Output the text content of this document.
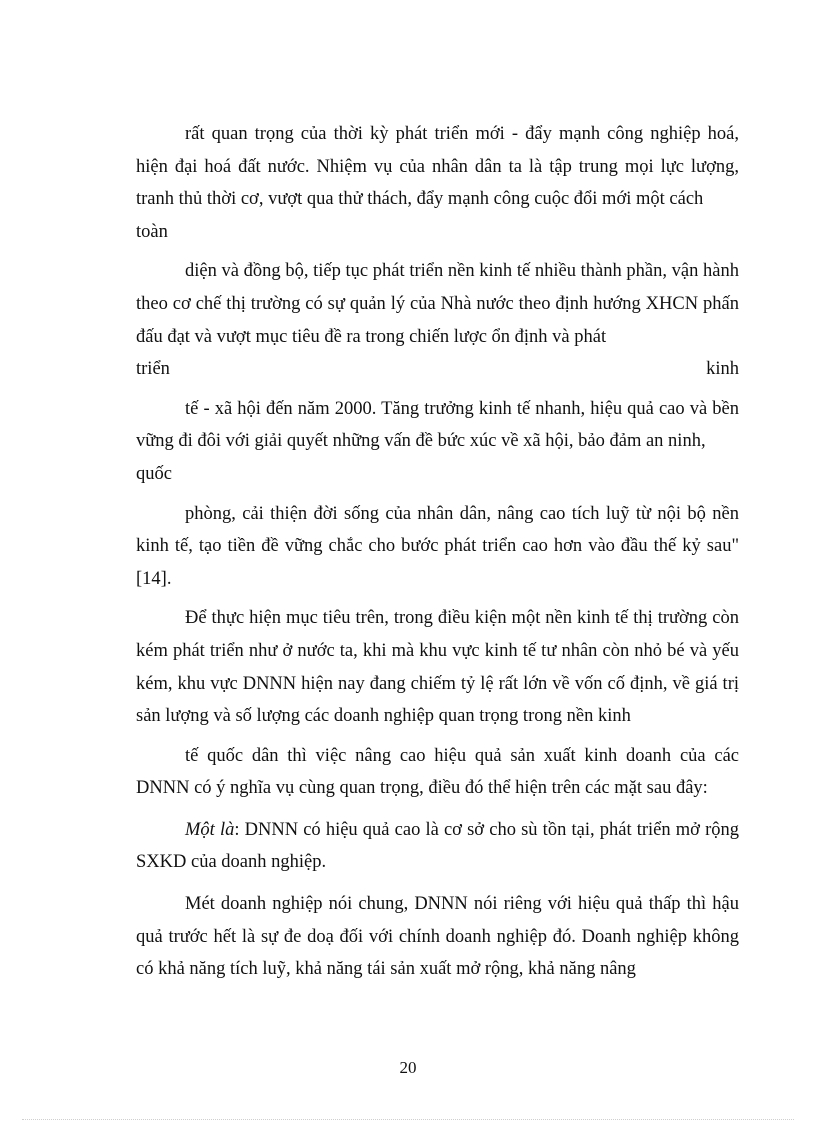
rất quan trọng của thời kỳ phát triển mới - đẩy mạnh công nghiệp hoá, hiện đại hoá đất nước. Nhiệm vụ của nhân dân ta là tập trung mọi lực lượng, tranh thủ thời cơ, vượt qua thử thách, đẩy mạnh công cuộc đổi mới một cách

toàn

diện và đồng bộ, tiếp tục phát triển nền kinh tế nhiều thành phần, vận hành theo cơ chế thị trường có sự quản lý của Nhà nước theo định hướng XHCN phấn đấu đạt và vượt mục tiêu đề ra trong chiến lược ổn định và phát

triển	kinh

tế - xã hội đến năm 2000. Tăng trưởng kinh tế nhanh, hiệu quả cao và bền vững đi đôi với giải quyết những vấn đề bức xúc về xã hội, bảo đảm an ninh,

quốc

phòng, cải thiện đời sống của nhân dân, nâng cao tích luỹ từ nội bộ nền kinh tế, tạo tiền đề vững chắc cho bước phát triển cao hơn vào đầu thế kỷ sau" [14].

Để thực hiện mục tiêu trên, trong điều kiện một nền kinh tế thị trường còn kém phát triển như ở nước ta, khi mà khu vực kinh tế tư nhân còn nhỏ bé và yếu kém, khu vực DNNN hiện nay đang chiếm tỷ lệ rất lớn về vốn cố định, về giá trị sản lượng và số lượng các doanh nghiệp quan trọng trong nền kinh

tế quốc dân thì việc nâng cao hiệu quả sản xuất kinh doanh của các DNNN có ý nghĩa vụ cùng quan trọng, điều đó thể hiện trên các mặt sau đây:

Một là: DNNN có hiệu quả cao là cơ sở cho sù tồn tại, phát triển mở rộng SXKD của doanh nghiệp.

Mét doanh nghiệp nói chung, DNNN nói riêng với hiệu quả thấp thì hậu quả trước hết là sự đe doạ đối với chính doanh nghiệp đó. Doanh nghiệp không có khả năng tích luỹ, khả năng tái sản xuất mở rộng, khả năng nâng

20
